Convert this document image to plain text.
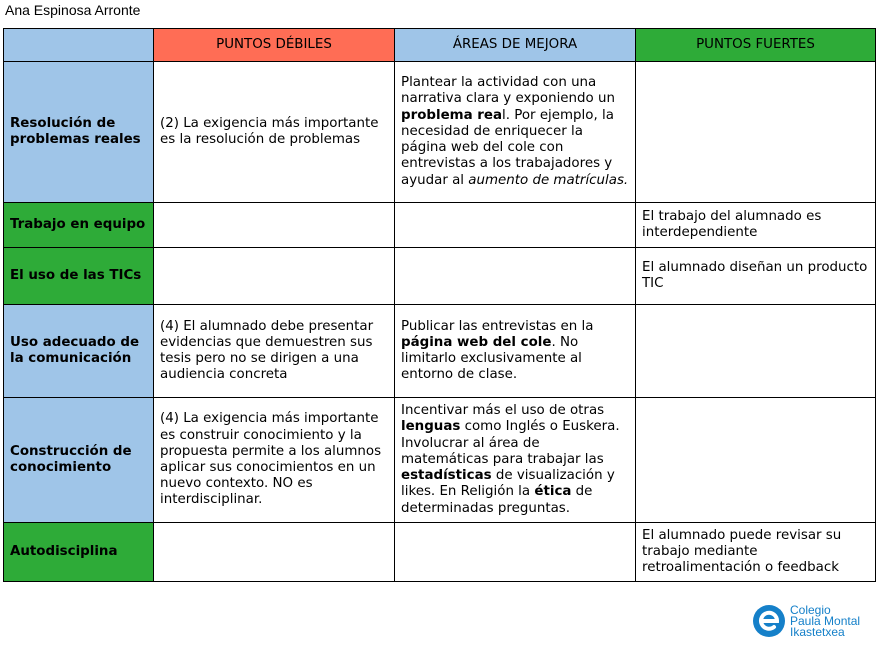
Ana Espinosa Arronte
	PUNTOS DÉBILES	ÁREAS DE MEJORA	PUNTOS FUERTES
Resolución de problemas reales	(2) La exigencia más importante es la resolución de problemas	Plantear la actividad con una narrativa clara y exponiendo un problema real. Por ejemplo, la necesidad de enriquecer la página web del cole con entrevistas a los trabajadores y ayudar al aumento de matrículas.	
Trabajo en equipo			El trabajo del alumnado es interdependiente
El uso de las TICs			El alumnado diseñan un producto TIC
Uso adecuado de la comunicación	(4) El alumnado debe presentar evidencias que demuestren sus tesis pero no se dirigen a una audiencia concreta	Publicar las entrevistas en la página web del cole. No limitarlo exclusivamente al entorno de clase.	
Construcción de conocimiento	(4) La exigencia más importante es construir conocimiento y la propuesta permite a los alumnos aplicar sus conocimientos en un nuevo contexto. NO es interdisciplinar.	Incentivar más el uso de otras lenguas como Inglés o Euskera. Involucrar al área de matemáticas para trabajar las estadísticas de visualización y likes. En Religión la ética de determinadas preguntas.	
Autodisciplina			El alumnado puede revisar su trabajo mediante retroalimentación o feedback
Colegio
Paula Montal
Ikastetxea
